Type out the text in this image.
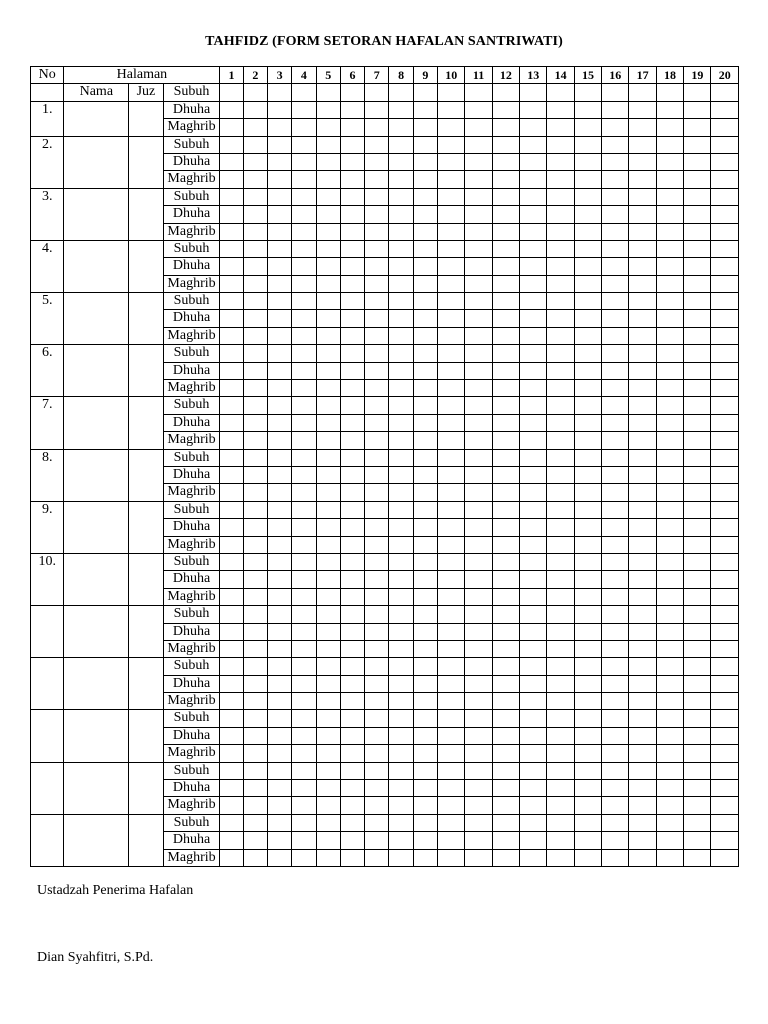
TAHFIDZ (FORM SETORAN HAFALAN SANTRIWATI)
No	Halaman			1	2	3	4	5	6	7	8	9	10	11	12	13	14	15	16	17	18	19	20
	Nama	Juz	Subuh																				
1.			Dhuha																				
			Maghrib																				
2.			Subuh																				
			Dhuha																				
			Maghrib																				
3.			Subuh																				
			Dhuha																				
			Maghrib																				
4.			Subuh																				
			Dhuha																				
			Maghrib																				
5.			Subuh																				
			Dhuha																				
			Maghrib																				
6.			Subuh																				
			Dhuha																				
			Maghrib																				
7.			Subuh																				
			Dhuha																				
			Maghrib																				
8.			Subuh																				
			Dhuha																				
			Maghrib																				
9.			Subuh																				
			Dhuha																				
			Maghrib																				
10.			Subuh																				
			Dhuha																				
			Maghrib																				
			Subuh																				
			Dhuha																				
			Maghrib																				
			Subuh																				
			Dhuha																				
			Maghrib																				
			Subuh																				
			Dhuha																				
			Maghrib																				
			Subuh																				
			Dhuha																				
			Maghrib																				
			Subuh																				
			Dhuha																				
			Maghrib																				
Ustadzah Penerima Hafalan
Dian Syahfitri, S.Pd.
